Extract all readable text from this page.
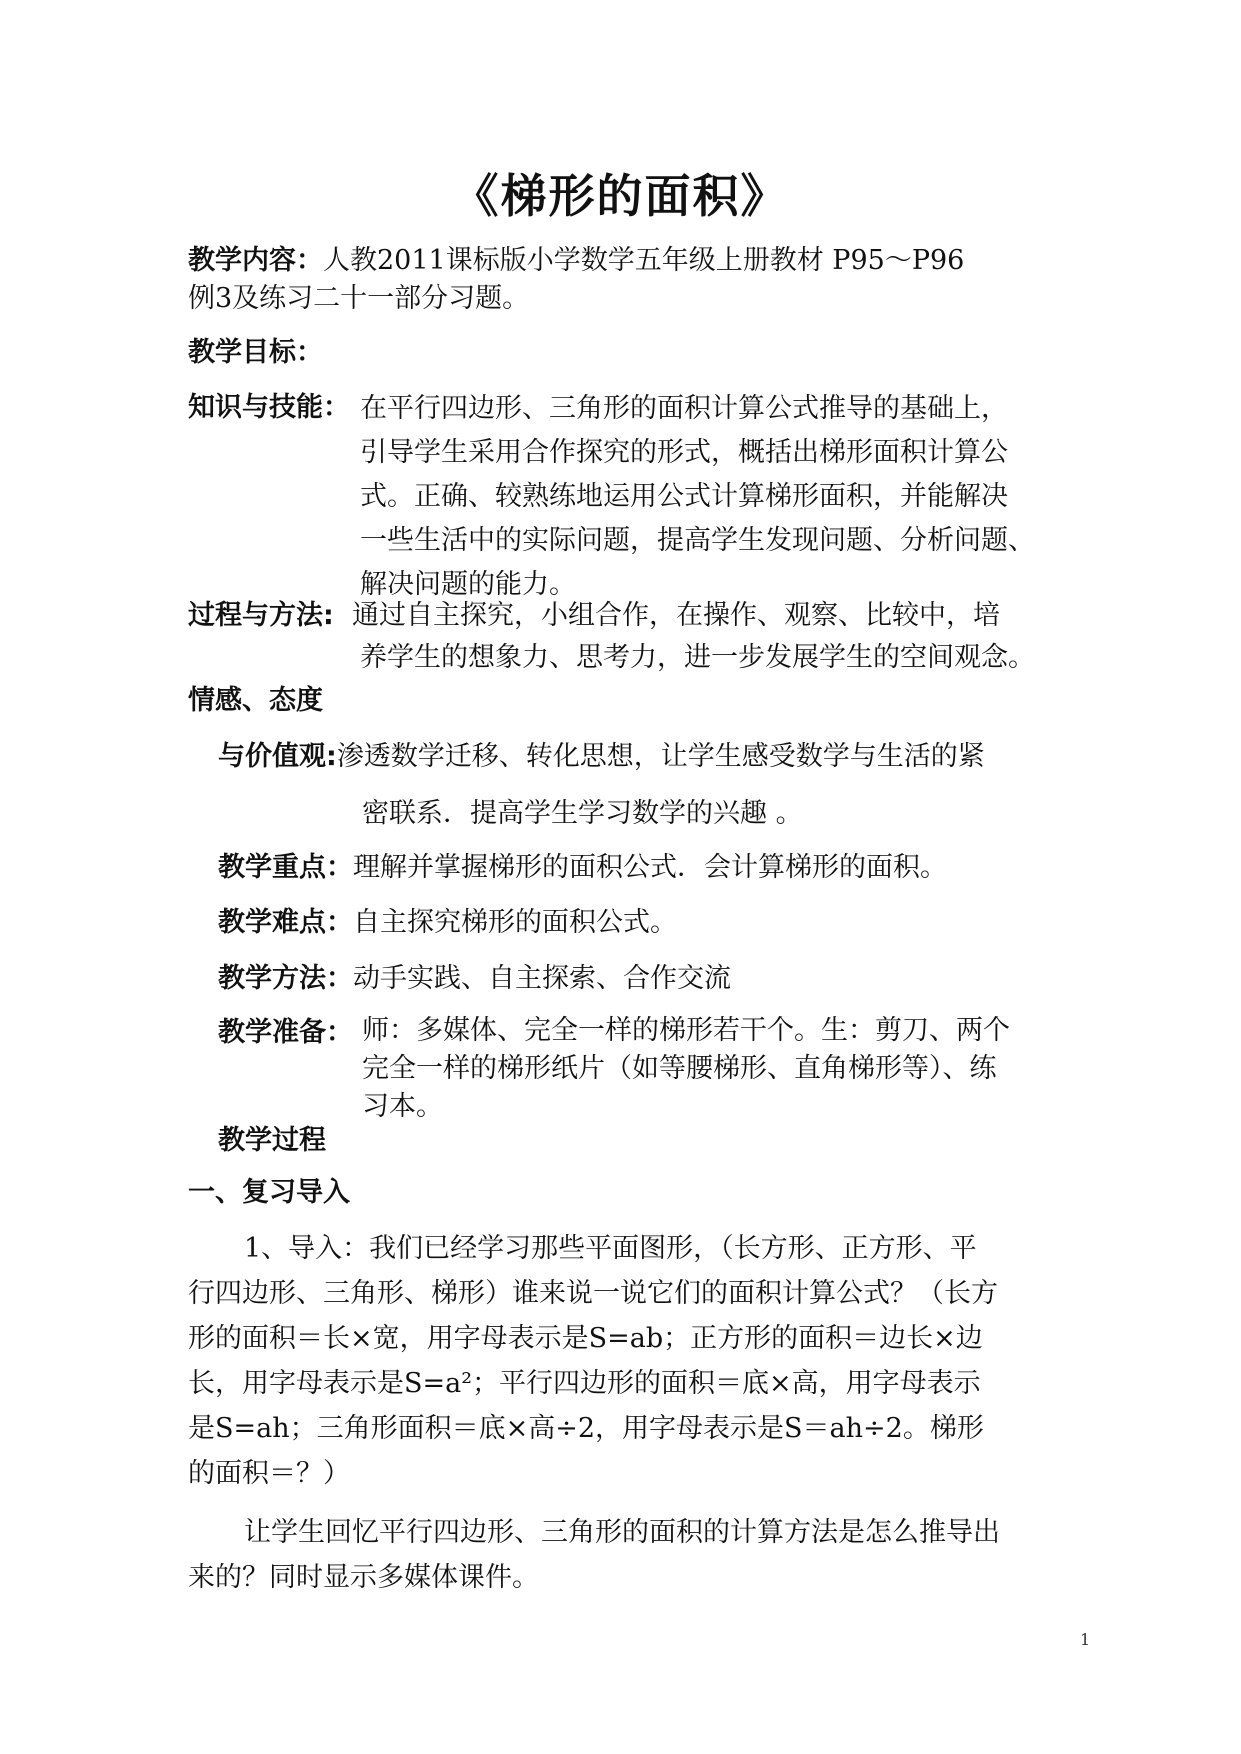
《梯形的面积》
教学内容：人教2011课标版小学数学五年级上册教材 P95～P96
例3及练习二十一部分习题。
教学目标：
知识与技能： 在平行四边形、三角形的面积计算公式推导的基础上，
引导学生采用合作探究的形式，概括出梯形面积计算公
式。正确、较熟练地运用公式计算梯形面积，并能解决
一些生活中的实际问题，提高学生发现问题、分析问题、
解决问题的能力。
过程与方法: 通过自主探究，小组合作，在操作、观察、比较中，培
养学生的想象力、思考力，进一步发展学生的空间观念。
情感、态度
与价值观:渗透数学迁移、转化思想，让学生感受数学与生活的紧
密联系．提高学生学习数学的兴趣 。
教学重点：理解并掌握梯形的面积公式．会计算梯形的面积。
教学难点：自主探究梯形的面积公式。
教学方法：动手实践、自主探索、合作交流
教学准备： 师：多媒体、完全一样的梯形若干个。生：剪刀、两个
完全一样的梯形纸片（如等腰梯形、直角梯形等）、练
习本。
教学过程
一、复习导入
1、导入：我们已经学习那些平面图形，（长方形、正方形、平
行四边形、三角形、梯形）谁来说一说它们的面积计算公式？（长方
形的面积＝长×宽，用字母表示是S=ab；正方形的面积＝边长×边
长，用字母表示是S=a²；平行四边形的面积＝底×高，用字母表示
是S=ah；三角形面积＝底×高÷2，用字母表示是S＝ah÷2。梯形
的面积＝？）
让学生回忆平行四边形、三角形的面积的计算方法是怎么推导出
来的？同时显示多媒体课件。
1
